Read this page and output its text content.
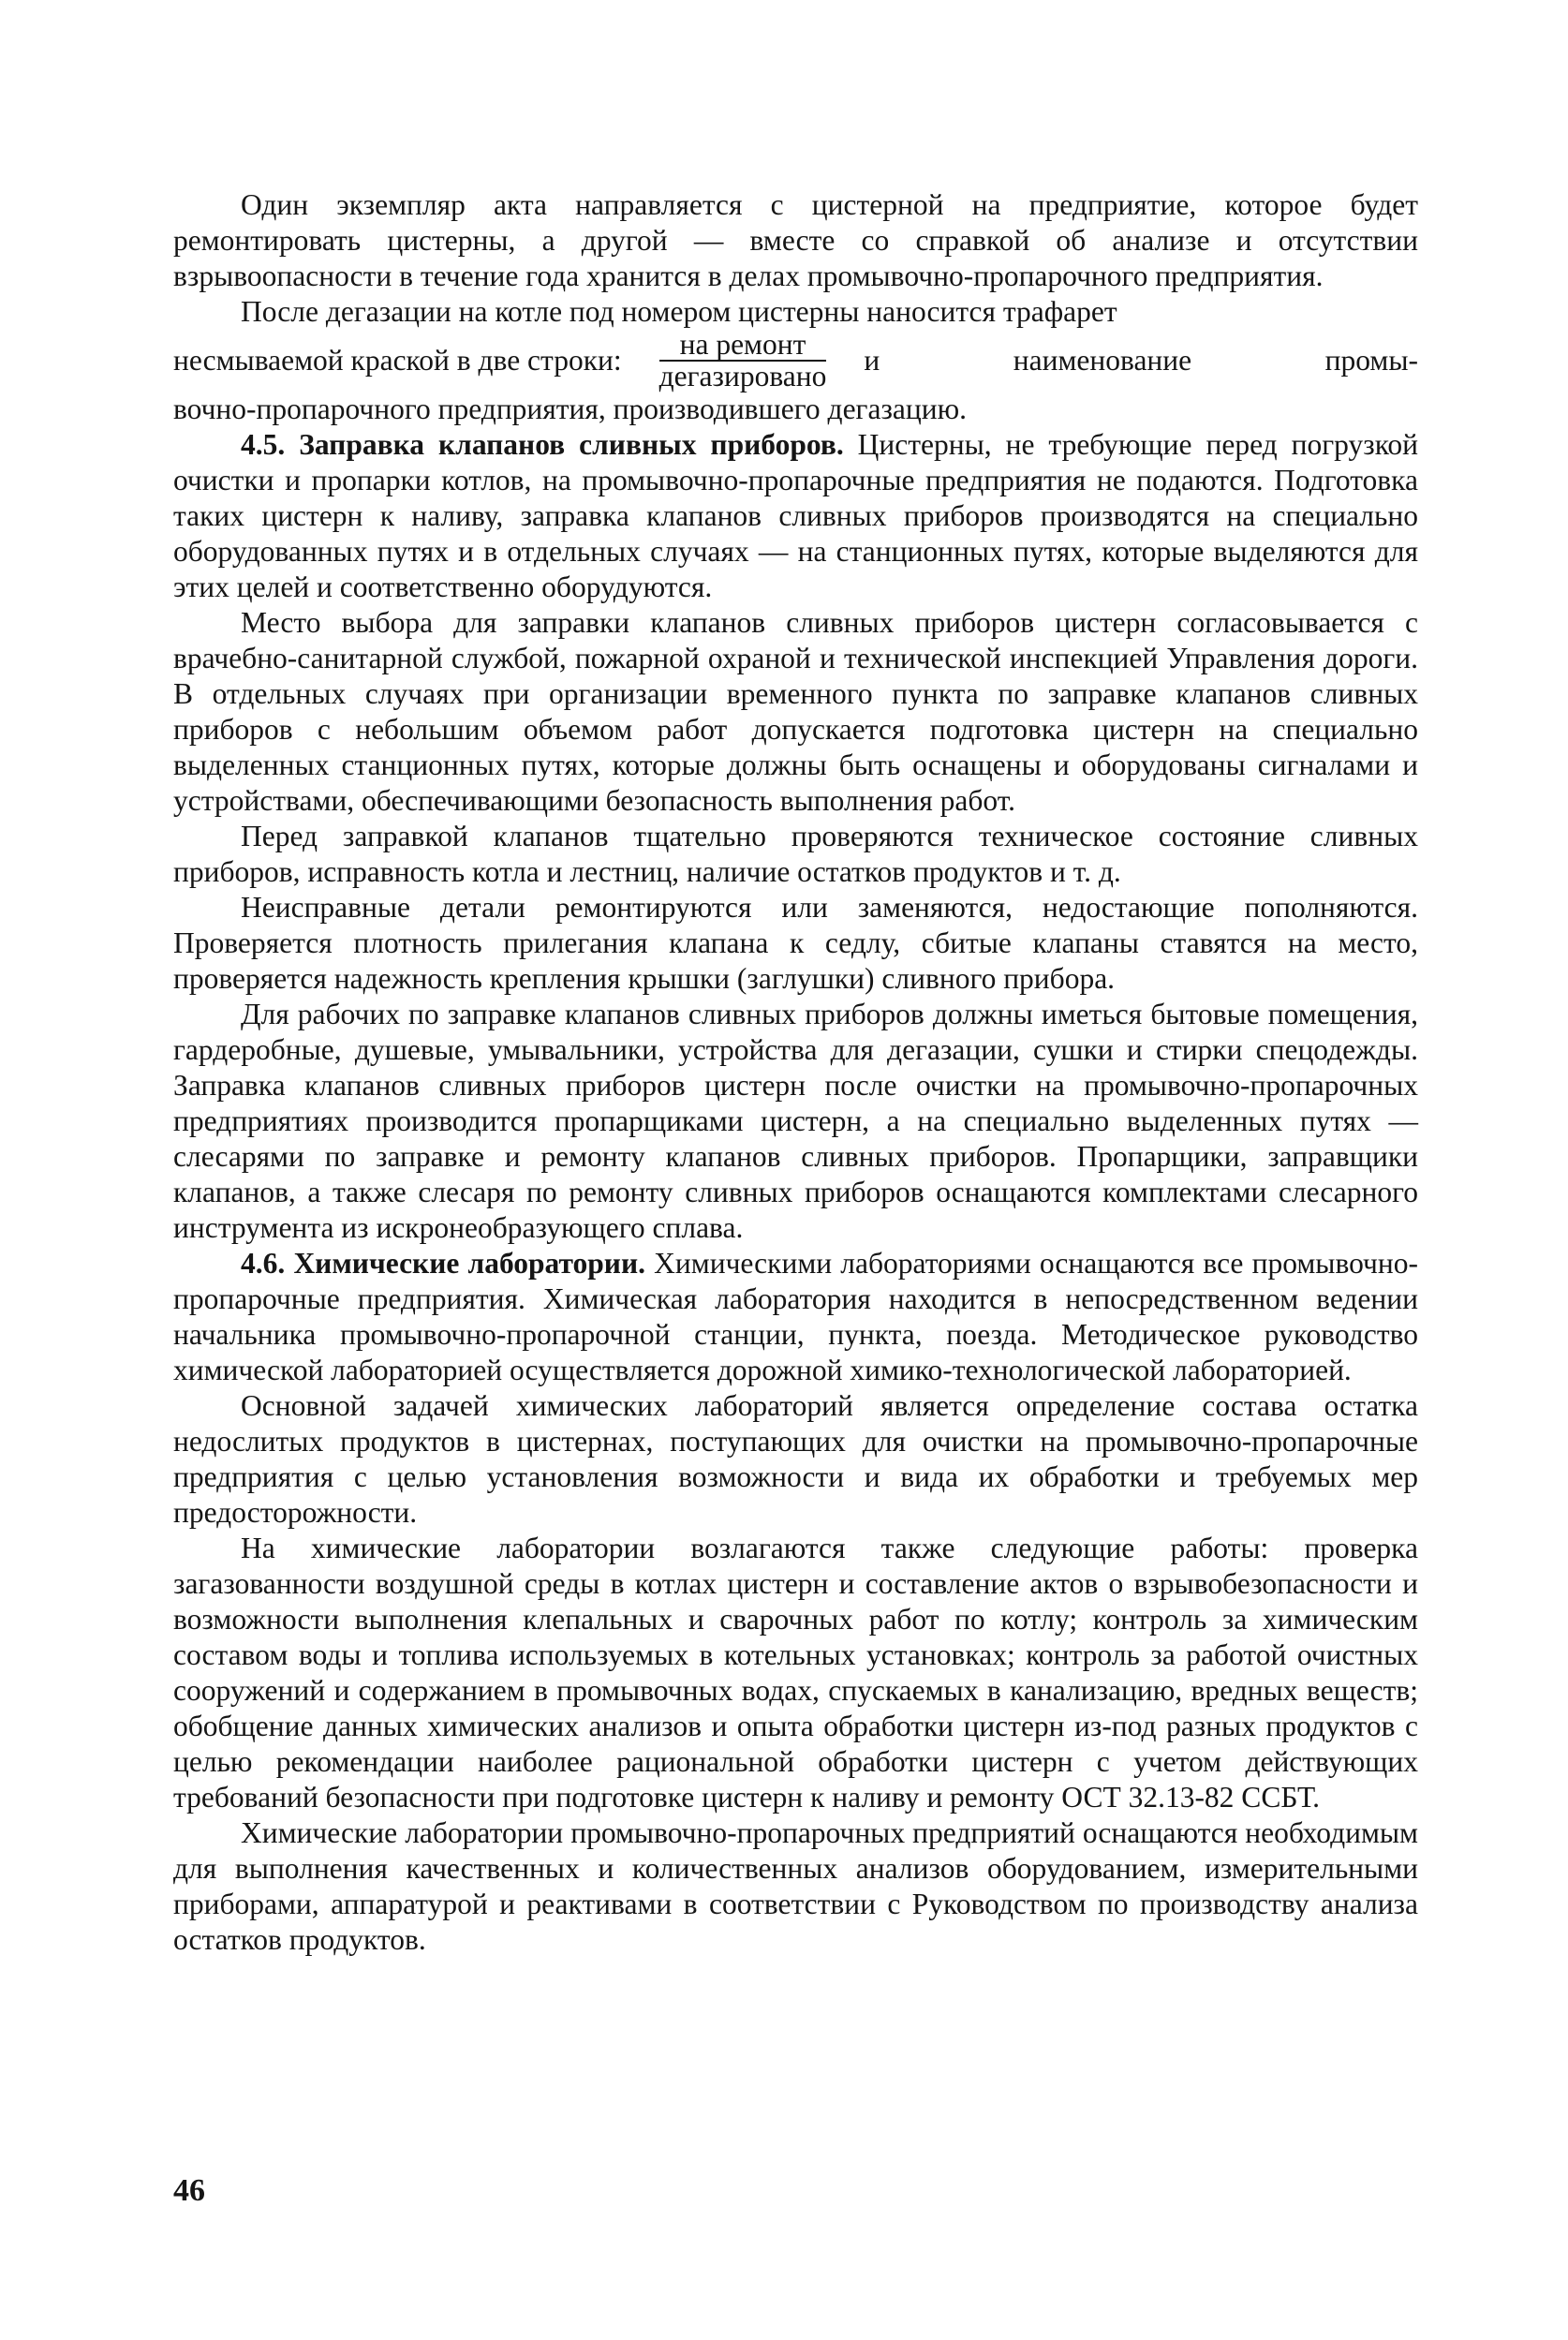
Один экземпляр акта направляется с цистерной на предприятие, которое будет ремонтировать цистерны, а другой — вместе со справкой об анализе и отсутствии взрывоопасности в течение года хранится в делах промывочно-пропарочного предприятия.

После дегазации на котле под номером цистерны наносится трафарет

несмываемой краской в две строки: $\frac{\text{на ремонт}}{\text{дегазировано}}$ и наименование промы-

вочно-пропарочного предприятия, производившего дегазацию.

4.5. Заправка клапанов сливных приборов. Цистерны, не требующие перед погрузкой очистки и пропарки котлов, на промывочно-пропарочные предприятия не подаются. Подготовка таких цистерн к наливу, заправка клапанов сливных приборов производятся на специально оборудованных путях и в отдельных случаях — на станционных путях, которые выделяются для этих целей и соответственно оборудуются.

Место выбора для заправки клапанов сливных приборов цистерн согласовывается с врачебно-санитарной службой, пожарной охраной и технической инспекцией Управления дороги. В отдельных случаях при организации временного пункта по заправке клапанов сливных приборов с небольшим объемом работ допускается подготовка цистерн на специально выделенных станционных путях, которые должны быть оснащены и оборудованы сигналами и устройствами, обеспечивающими безопасность выполнения работ.

Перед заправкой клапанов тщательно проверяются техническое состояние сливных приборов, исправность котла и лестниц, наличие остатков продуктов и т. д.

Неисправные детали ремонтируются или заменяются, недостающие пополняются. Проверяется плотность прилегания клапана к седлу, сбитые клапаны ставятся на место, проверяется надежность крепления крышки (заглушки) сливного прибора.

Для рабочих по заправке клапанов сливных приборов должны иметься бытовые помещения, гардеробные, душевые, умывальники, устройства для дегазации, сушки и стирки спецодежды. Заправка клапанов сливных приборов цистерн после очистки на промывочно-пропарочных предприятиях производится пропарщиками цистерн, а на специально выделенных путях — слесарями по заправке и ремонту клапанов сливных приборов. Пропарщики, заправщики клапанов, а также слесаря по ремонту сливных приборов оснащаются комплектами слесарного инструмента из искронеобразующего сплава.

4.6. Химические лаборатории. Химическими лабораториями оснащаются все промывочно-пропарочные предприятия. Химическая лаборатория находится в непосредственном ведении начальника промывочно-пропарочной станции, пункта, поезда. Методическое руководство химической лабораторией осуществляется дорожной химико-технологической лабораторией.

Основной задачей химических лабораторий является определение состава остатка недослитых продуктов в цистернах, поступающих для очистки на промывочно-пропарочные предприятия с целью установления возможности и вида их обработки и требуемых мер предосторожности.

На химические лаборатории возлагаются также следующие работы: проверка загазованности воздушной среды в котлах цистерн и составление актов о взрывобезопасности и возможности выполнения клепальных и сварочных работ по котлу; контроль за химическим составом воды и топлива используемых в котельных установках; контроль за работой очистных сооружений и содержанием в промывочных водах, спускаемых в канализацию, вредных веществ; обобщение данных химических анализов и опыта обработки цистерн из-под разных продуктов с целью рекомендации наиболее рациональной обработки цистерн с учетом действующих требований безопасности при подготовке цистерн к наливу и ремонту ОСТ 32.13-82 ССБТ.

Химические лаборатории промывочно-пропарочных предприятий оснащаются необходимым для выполнения качественных и количественных анализов оборудованием, измерительными приборами, аппаратурой и реактивами в соответствии с Руководством по производству анализа остатков продуктов.

46
